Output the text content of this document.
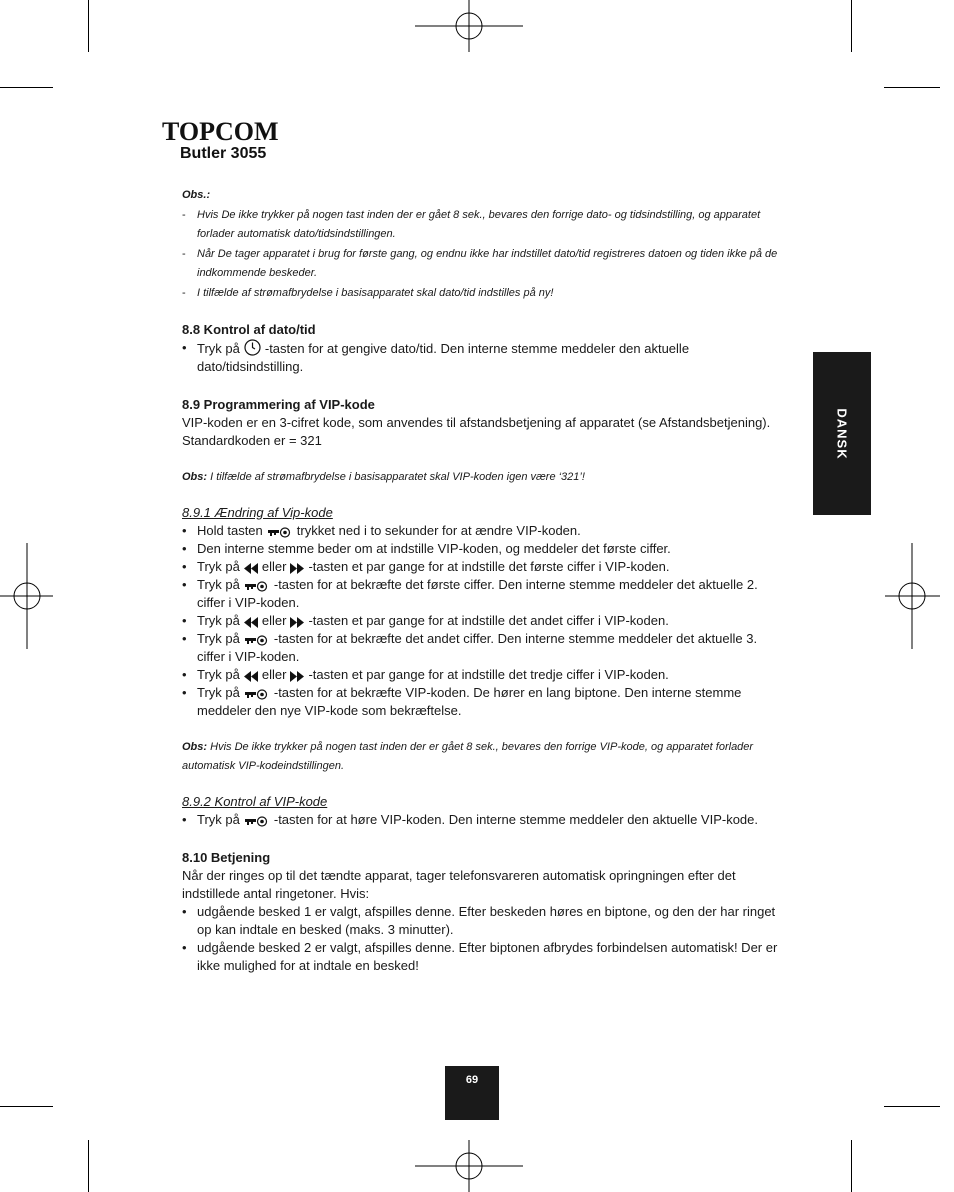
TOPCOM
Butler 3055
DANSK

Obs.:

- Hvis De ikke trykker på nogen tast inden der er gået 8 sek., bevares den forrige dato- og tidsindstilling, og apparatet forlader automatisk dato/tidsindstillingen.
- Når De tager apparatet i brug for første gang, og endnu ikke har indstillet dato/tid registreres datoen og tiden ikke på de indkommende beskeder.
- I tilfælde af strømafbrydelse i basisapparatet skal dato/tid indstilles på ny!
8.8 Kontrol af dato/tid
• Tryk på -tasten for at gengive dato/tid. Den interne stemme meddeler den aktuelle dato/tidsindstilling.
8.9 Programmering af VIP-kode

VIP-koden er en 3-cifret kode, som anvendes til afstandsbetjening af apparatet (se Afstandsbetjening).

Standardkoden er = 321

Obs: I tilfælde af strømafbrydelse i basisapparatet skal VIP-koden igen være ‘321’!

8.9.1 Ændring af Vip-kode
• Hold tasten	trykket ned i to sekunder for at ændre VIP-koden.
• Den interne stemme beder om at indstille VIP-koden, og meddeler det første ciffer.
• Tryk på eller -tasten et par gange for at indstille det første ciffer i VIP-koden.
• Tryk på	-tasten for at bekræfte det første ciffer. Den interne stemme meddeler det aktuelle 2. ciffer i VIP-koden.
• Tryk på eller -tasten et par gange for at indstille det andet ciffer i VIP-koden.
• Tryk på	-tasten for at bekræfte det andet ciffer. Den interne stemme meddeler det aktuelle 3. ciffer i VIP-koden.
• Tryk på eller -tasten et par gange for at indstille det tredje ciffer i VIP-koden.
• Tryk på	-tasten for at bekræfte VIP-koden. De hører en lang biptone. Den interne stemme meddeler den nye VIP-kode som bekræftelse.

Obs: Hvis De ikke trykker på nogen tast inden der er gået 8 sek., bevares den forrige VIP-kode, og apparatet forlader automatisk VIP-kodeindstillingen.

8.9.2 Kontrol af VIP-kode
• Tryk på	-tasten for at høre VIP-koden. Den interne stemme meddeler den aktuelle VIP-kode.
8.10 Betjening

Når der ringes op til det tændte apparat, tager telefonsvareren automatisk opringningen efter det indstillede antal ringetoner. Hvis:

• udgående besked 1 er valgt, afspilles denne. Efter beskeden høres en biptone, og den der har ringet op kan indtale en besked (maks. 3 minutter).
• udgående besked 2 er valgt, afspilles denne. Efter biptonen afbrydes forbindelsen automatisk! Der er ikke mulighed for at indtale en besked!
69
